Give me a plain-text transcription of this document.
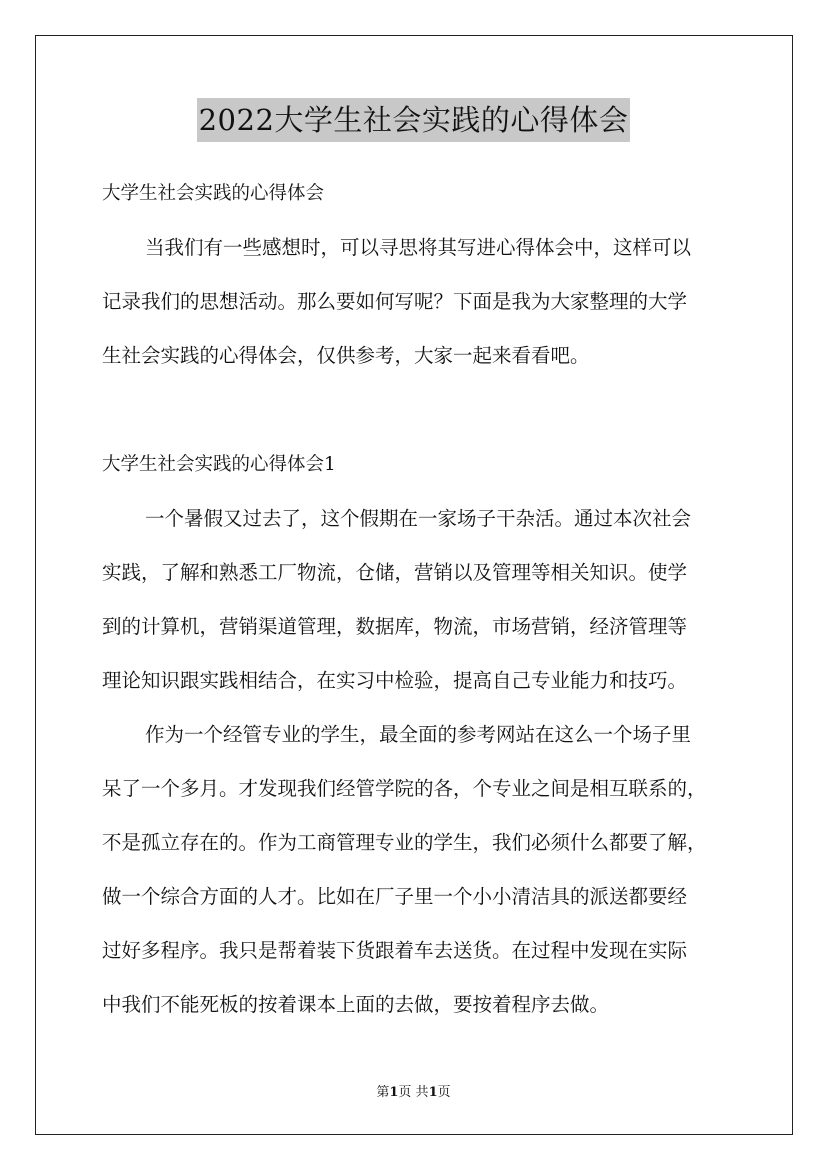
2022大学生社会实践的心得体会
大学生社会实践的心得体会
当我们有一些感想时，可以寻思将其写进心得体会中，这样可以
记录我们的思想活动。那么要如何写呢？下面是我为大家整理的大学
生社会实践的心得体会，仅供参考，大家一起来看看吧。
大学生社会实践的心得体会1
一个暑假又过去了，这个假期在一家场子干杂活。通过本次社会
实践，了解和熟悉工厂物流，仓储，营销以及管理等相关知识。使学
到的计算机，营销渠道管理，数据库，物流，市场营销，经济管理等
理论知识跟实践相结合，在实习中检验，提高自己专业能力和技巧。
作为一个经管专业的学生，最全面的参考网站在这么一个场子里
呆了一个多月。才发现我们经管学院的各，个专业之间是相互联系的，
不是孤立存在的。作为工商管理专业的学生，我们必须什么都要了解，
做一个综合方面的人才。比如在厂子里一个小小清洁具的派送都要经
过好多程序。我只是帮着装下货跟着车去送货。在过程中发现在实际
中我们不能死板的按着课本上面的去做，要按着程序去做。
第1页 共1页
